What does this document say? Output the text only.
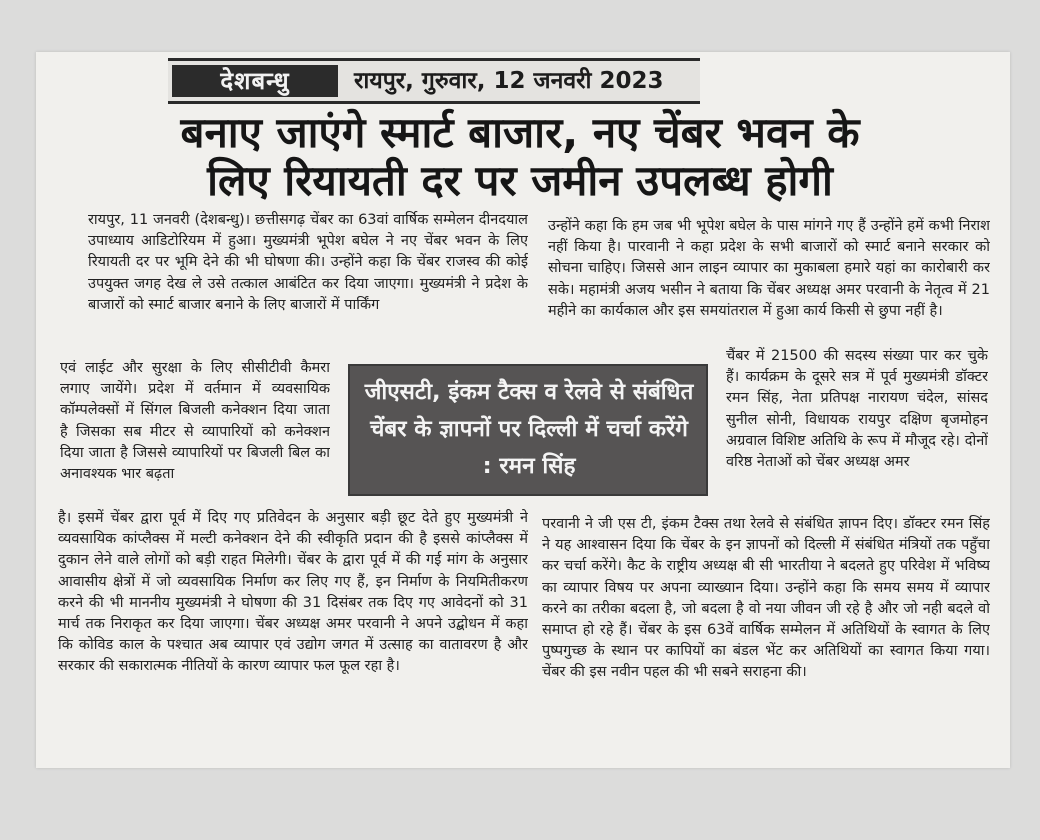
देशबन्धु	रायपुर, गुरुवार, 12 जनवरी 2023
बनाए जाएंगे स्मार्ट बाजार, नए चेंबर भवन के
लिए रियायती दर पर जमीन उपलब्ध होगी

रायपुर, 11 जनवरी (देशबन्धु)। छत्तीसगढ़ चेंबर का 63वां वार्षिक सम्मेलन दीनदयाल उपाध्याय आडिटोरियम में हुआ। मुख्यमंत्री भूपेश बघेल ने नए चेंबर भवन के लिए रियायती दर पर भूमि देने की भी घोषणा की। उन्होंने कहा कि चेंबर राजस्व की कोई उपयुक्त जगह देख ले उसे तत्काल आबंटित कर दिया जाएगा। मुख्यमंत्री ने प्रदेश के बाजारों को स्मार्ट बाजार बनाने के लिए बाजारों में पार्किंग

एवं लाईट और सुरक्षा के लिए सीसीटीवी कैमरा लगाए जायेंगे। प्रदेश में वर्तमान में व्यवसायिक कॉम्पलेक्सों में सिंगल बिजली कनेक्शन दिया जाता है जिसका सब मीटर से व्यापारियों को कनेक्शन दिया जाता है जिससे व्यापारियों पर बिजली बिल का अनावश्यक भार बढ़ता

है। इसमें चेंबर द्वारा पूर्व में दिए गए प्रतिवेदन के अनुसार बड़ी छूट देते हुए मुख्यमंत्री ने व्यवसायिक कांप्लैक्स में मल्टी कनेक्शन देने की स्वीकृति प्रदान की है इससे कांप्लैक्स में दुकान लेने वाले लोगों को बड़ी राहत मिलेगी। चेंबर के द्वारा पूर्व में की गई मांग के अनुसार आवासीय क्षेत्रों में जो व्यवसायिक निर्माण कर लिए गए हैं, इन निर्माण के नियमितीकरण करने की भी माननीय मुख्यमंत्री ने घोषणा की 31 दिसंबर तक दिए गए आवेदनों को 31 मार्च तक निराकृत कर दिया जाएगा। चेंबर अध्यक्ष अमर परवानी ने अपने उद्बोधन में कहा कि कोविड काल के पश्चात अब व्यापार एवं उद्योग जगत में उत्साह का वातावरण है और सरकार की सकारात्मक नीतियों के कारण व्यापार फल फूल रहा है।

जीएसटी, इंकम टैक्स व रेलवे से संबंधित चेंबर के ज्ञापनों पर दिल्ली में चर्चा करेंगे : रमन सिंह

उन्होंने कहा कि हम जब भी भूपेश बघेल के पास मांगने गए हैं उन्होंने हमें कभी निराश नहीं किया है। पारवानी ने कहा प्रदेश के सभी बाजारों को स्मार्ट बनाने सरकार को सोचना चाहिए। जिससे आन लाइन व्यापार का मुकाबला हमारे यहां का कारोबारी कर सके। महामंत्री अजय भसीन ने बताया कि चेंबर अध्यक्ष अमर परवानी के नेतृत्व में 21 महीने का कार्यकाल और इस समयांतराल में हुआ कार्य किसी से छुपा नहीं है।

चैंबर में 21500 की सदस्य संख्या पार कर चुके हैं। कार्यक्रम के दूसरे सत्र में पूर्व मुख्यमंत्री डॉक्टर रमन सिंह, नेता प्रतिपक्ष नारायण चंदेल, सांसद सुनील सोनी, विधायक रायपुर दक्षिण बृजमोहन अग्रवाल विशिष्ट अतिथि के रूप में मौजूद रहे। दोनों वरिष्ठ नेताओं को चेंबर अध्यक्ष अमर

परवानी ने जी एस टी, इंकम टैक्स तथा रेलवे से संबंधित ज्ञापन दिए। डॉक्टर रमन सिंह ने यह आश्वासन दिया कि चेंबर के इन ज्ञापनों को दिल्ली में संबंधित मंत्रियों तक पहुँचा कर चर्चा करेंगे। कैट के राष्ट्रीय अध्यक्ष बी सी भारतीया ने बदलते हुए परिवेश में भविष्य का व्यापार विषय पर अपना व्याख्यान दिया। उन्होंने कहा कि समय समय में व्यापार करने का तरीका बदला है, जो बदला है वो नया जीवन जी रहे है और जो नही बदले वो समाप्त हो रहे हैं। चेंबर के इस 63वें वार्षिक सम्मेलन में अतिथियों के स्वागत के लिए पुष्पगुच्छ के स्थान पर कापियों का बंडल भेंट कर अतिथियों का स्वागत किया गया। चेंबर की इस नवीन पहल की भी सबने सराहना की।
